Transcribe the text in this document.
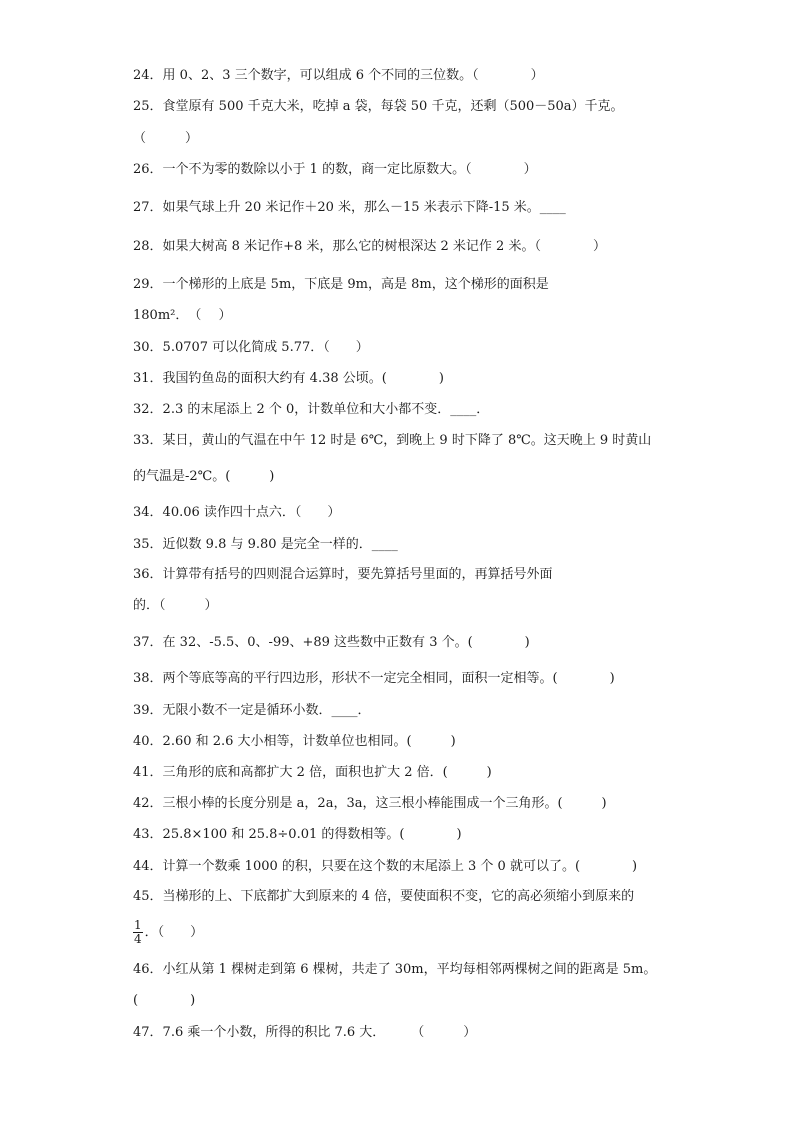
24．用 0、2、3 三个数字，可以组成 6 个不同的三位数。（　　　　）
25．食堂原有 500 千克大米，吃掉 a 袋，每袋 50 千克，还剩（500－50a）千克。
（　　　）
26．一个不为零的数除以小于 1 的数，商一定比原数大。（　　　　）
27．如果气球上升 20 米记作＋20 米，那么－15 米表示下降-15 米。____
28．如果大树高 8 米记作+8 米，那么它的树根深达 2 米记作 2 米。（　　　　）
29．一个梯形的上底是 5m，下底是 9m，高是 8m，这个梯形的面积是
180m²．　（　 ）
30．5.0707 可以化简成 5.77．（　　）
31．我国钓鱼岛的面积大约有 4.38 公顷。(　　　　)
32．2.3 的末尾添上 2 个 0，计数单位和大小都不变．____．
33．某日，黄山的气温在中午 12 时是 6℃，到晚上 9 时下降了 8℃。这天晚上 9 时黄山
的气温是-2℃。(　　　)
34．40.06 读作四十点六．（　　）
35．近似数 9.8 与 9.80 是完全一样的．____
36．计算带有括号的四则混合运算时，要先算括号里面的，再算括号外面
的．（　　　）
37．在 32、-5.5、0、-99、+89 这些数中正数有 3 个。(　　　　)
38．两个等底等高的平行四边形，形状不一定完全相同，面积一定相等。(　　　　)
39．无限小数不一定是循环小数．____．
40．2.60 和 2.6 大小相等，计数单位也相同。(　　　)
41．三角形的底和高都扩大 2 倍，面积也扩大 2 倍．(　　　)
42．三根小棒的长度分别是 a，2a，3a，这三根小棒能围成一个三角形。(　　　)
43．25.8×100 和 25.8÷0.01 的得数相等。(　　　　)
44．计算一个数乘 1000 的积，只要在这个数的末尾添上 3 个 0 就可以了。(　　　　)
45．当梯形的上、下底都扩大到原来的 4 倍，要使面积不变，它的高必须缩小到原来的
$\frac{1}{4}$ ．（　　）
46．小红从第 1 棵树走到第 6 棵树，共走了 30m，平均每相邻两棵树之间的距离是 5m。
(　　　　)
47．7.6 乘一个小数，所得的积比 7.6 大．　　　（　　　）
